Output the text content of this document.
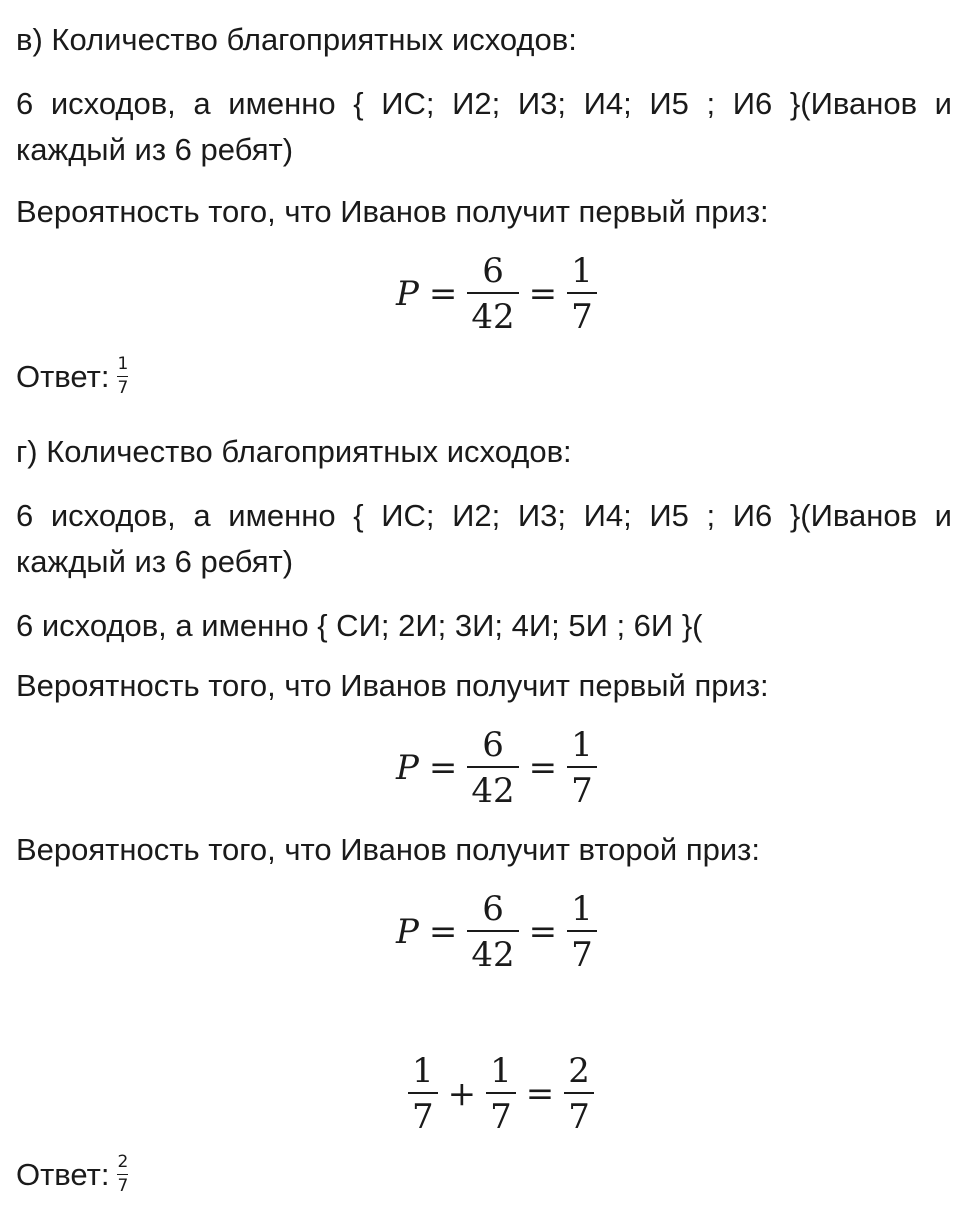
в) Количество благоприятных исходов:
6 исходов, а именно { ИС; И2; И3; И4; И5 ; И6 }(Иванов и
каждый из 6 ребят)
Вероятность того, что Иванов получит первый приз:
$P = \frac{6}{42} = \frac{1}{7}$
Ответ: $\frac{1}{7}$
г) Количество благоприятных исходов:
6 исходов, а именно { ИС; И2; И3; И4; И5 ; И6 }(Иванов и
каждый из 6 ребят)
6 исходов, а именно { СИ; 2И; 3И; 4И; 5И ; 6И }(
Вероятность того, что Иванов получит первый приз:
$P = \frac{6}{42} = \frac{1}{7}$
Вероятность того, что Иванов получит второй приз:
$P = \frac{6}{42} = \frac{1}{7}$
$\frac{1}{7} + \frac{1}{7} = \frac{2}{7}$
Ответ: $\frac{2}{7}$
